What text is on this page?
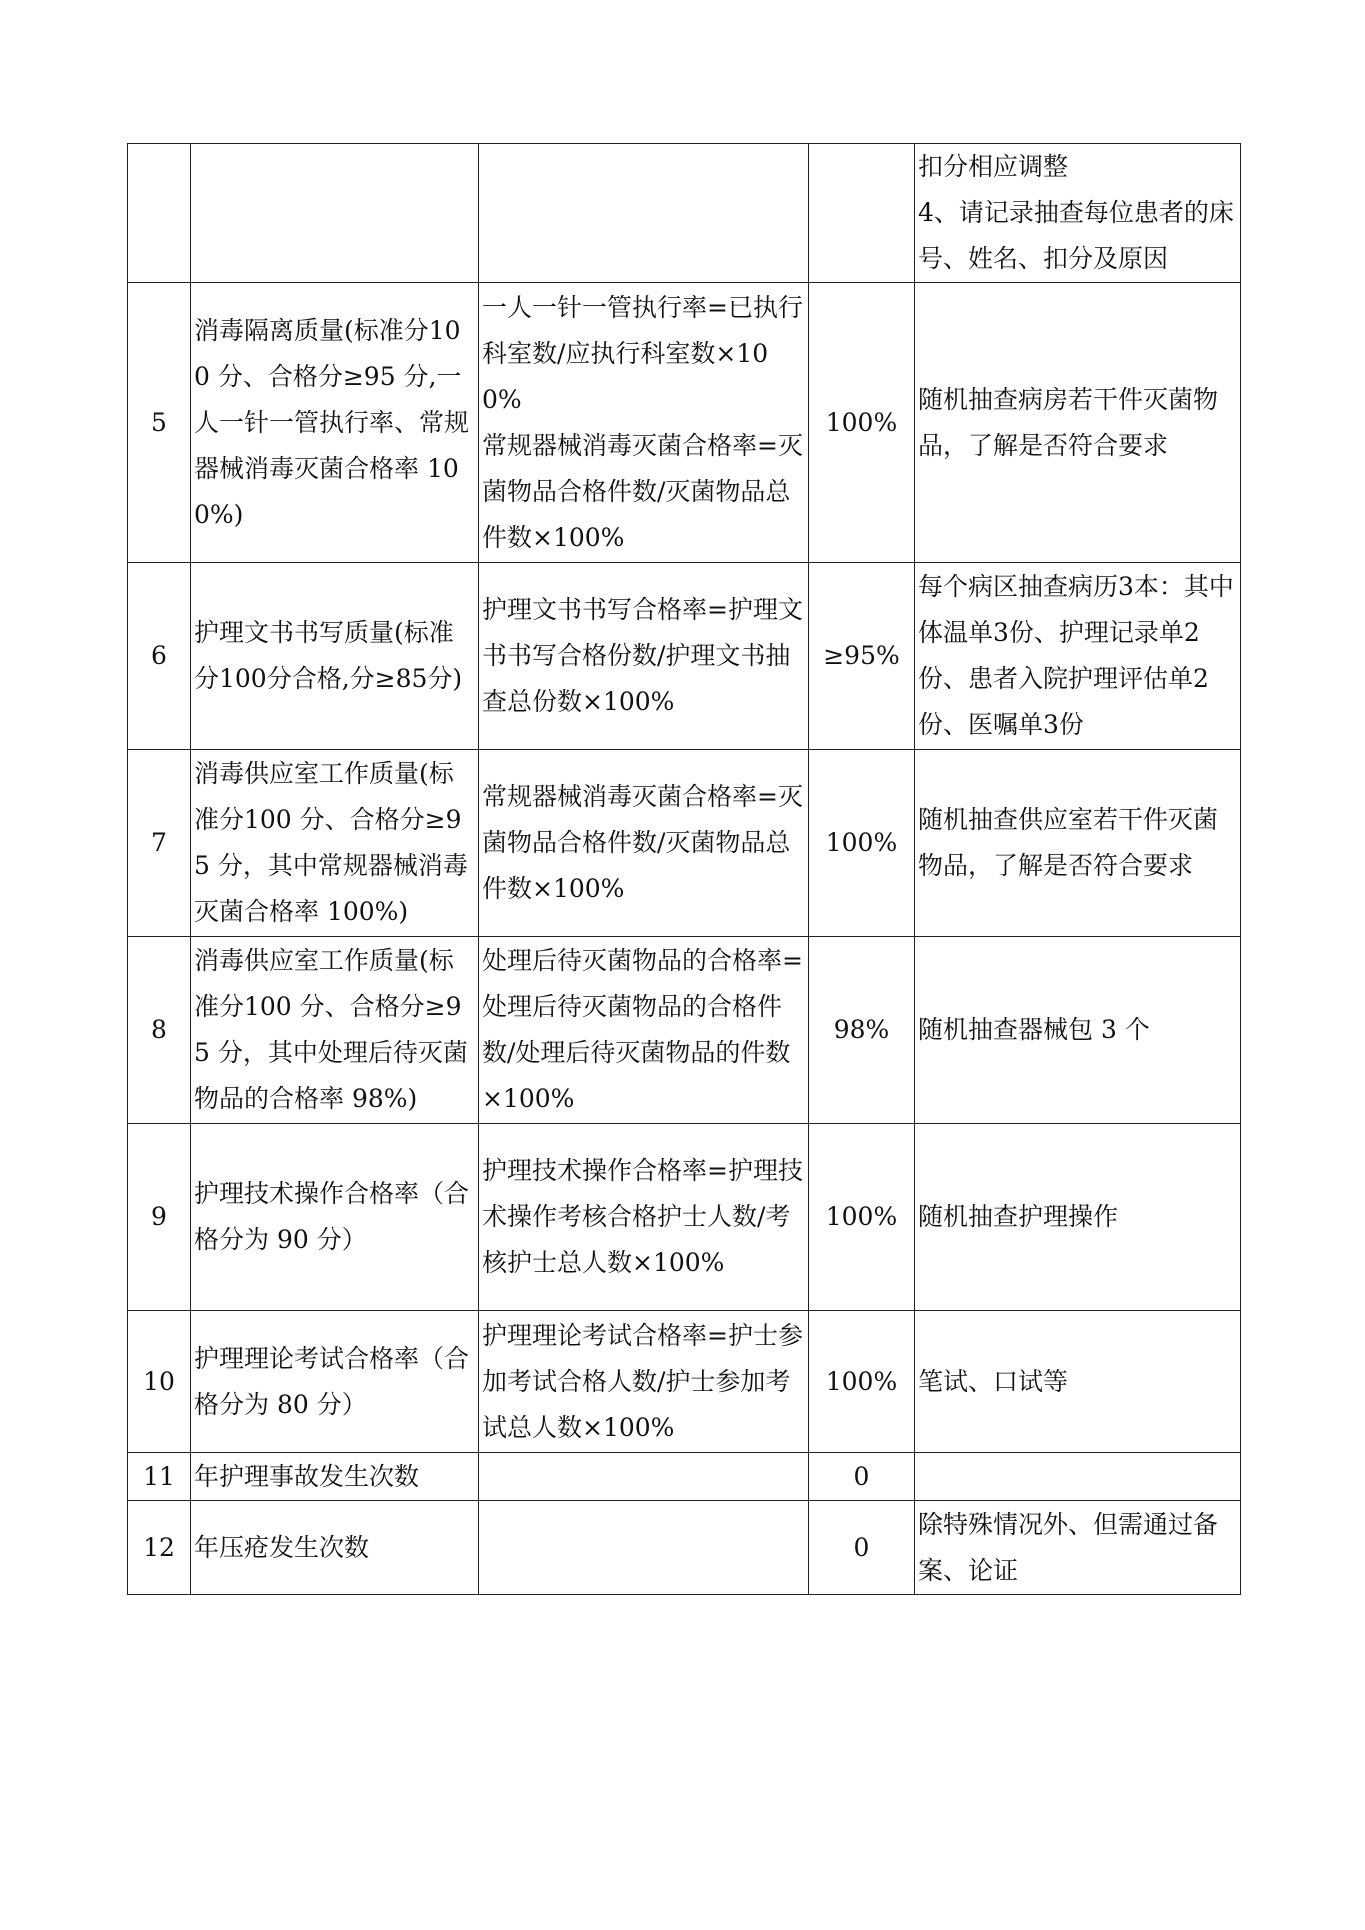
				扣分相应调整
4、请记录抽查每位患者的床号、姓名、扣分及原因
5	消毒隔离质量(标准分100 分、合格分≥95 分,一人一针一管执行率、常规器械消毒灭菌合格率 100%)	一人一针一管执行率=已执行科室数/应执行科室数×100%
常规器械消毒灭菌合格率=灭菌物品合格件数/灭菌物品总件数×100%	100%	随机抽查病房若干件灭菌物品，了解是否符合要求
6	护理文书书写质量(标准分100分合格,分≥85分)	护理文书书写合格率=护理文书书写合格份数/护理文书抽查总份数×100%	≥95%	每个病区抽查病历3本：其中体温单3份、护理记录单2份、患者入院护理评估单2份、医嘱单3份
7	消毒供应室工作质量(标准分100 分、合格分≥95 分，其中常规器械消毒灭菌合格率 100%)	常规器械消毒灭菌合格率=灭菌物品合格件数/灭菌物品总件数×100%	100%	随机抽查供应室若干件灭菌物品，了解是否符合要求
8	消毒供应室工作质量(标准分100 分、合格分≥95 分，其中处理后待灭菌物品的合格率 98%)	处理后待灭菌物品的合格率=处理后待灭菌物品的合格件数/处理后待灭菌物品的件数×100%	98%	随机抽查器械包 3 个
9	护理技术操作合格率（合格分为 90 分）	护理技术操作合格率=护理技术操作考核合格护士人数/考核护士总人数×100%	100%	随机抽查护理操作
10	护理理论考试合格率（合格分为 80 分）	护理理论考试合格率=护士参加考试合格人数/护士参加考试总人数×100%	100%	笔试、口试等
11	年护理事故发生次数		0	
12	年压疮发生次数		0	除特殊情况外、但需通过备案、论证
